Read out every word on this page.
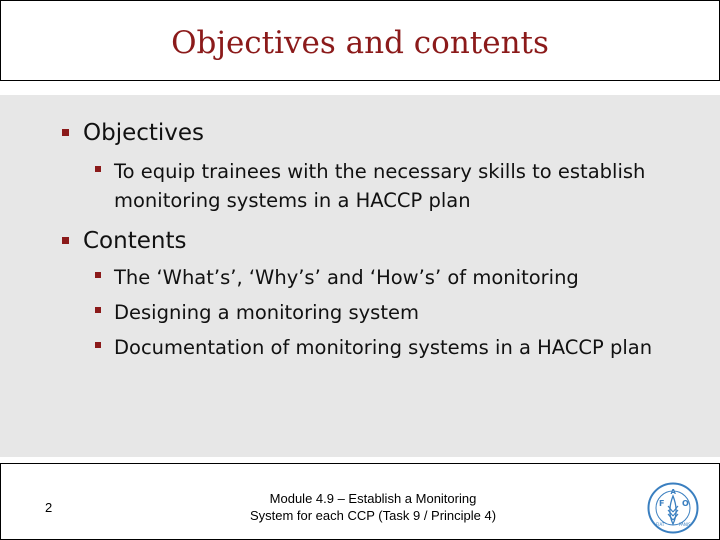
Objectives and contents
Objectives
To equip trainees with the necessary skills to establish monitoring systems in a HACCP plan
Contents
The ‘What’s’, ‘Why’s’ and ‘How’s’ of monitoring
Designing a monitoring system
Documentation of monitoring systems in a HACCP plan
2
Module 4.9 – Establish a Monitoring
System for each CCP (Task 9 / Principle 4)
F O
A
FIAT	PANIS
